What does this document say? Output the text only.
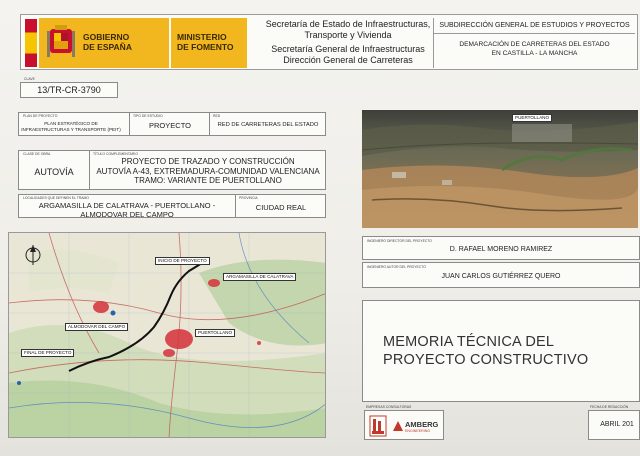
GOBIERNO
DE ESPAÑA
MINISTERIO
DE FOMENTO
Secretaría de Estado de Infraestructuras,
Transporte y Vivienda
Secretaría General de Infraestructuras
Dirección General de Carreteras
SUBDIRECCIÓN GENERAL DE ESTUDIOS Y PROYECTOS
DEMARCACIÓN DE CARRETERAS DEL ESTADO
EN CASTILLA - LA MANCHA
CLAVE
13/TR-CR-3790
PLAN DE PROYECTO
PLAN ESTRATÉGICO DE INFRAESTRUCTURAS Y TRANSPORTE (PEIT)
TIPO DE ESTUDIO
PROYECTO
RED
RED DE CARRETERAS DEL ESTADO
CLASE DE OBRA
AUTOVÍA
TÍTULO COMPLEMENTARIO
PROYECTO DE TRAZADO Y CONSTRUCCIÓN
AUTOVÍA A-43, EXTREMADURA-COMUNIDAD VALENCIANA
TRAMO: VARIANTE DE PUERTOLLANO
LOCALIDADES QUE DEFINEN EL TRAMO
ARGAMASILLA DE CALATRAVA - PUERTOLLANO -
ALMODOVAR DEL CAMPO
PROVINCIA
CIUDAD REAL
PUERTOLLANO
INGENIERO DIRECTOR DEL PROYECTO
D. RAFAEL MORENO RAMIREZ
INGENIERO AUTOR DEL PROYECTO
JUAN CARLOS GUTIÉRREZ QUERO
MEMORIA TÉCNICA DEL
PROYECTO CONSTRUCTIVO
EMPRESAS CONSULTORAS
AMBERG
ENGINEERING
FECHA DE REDACCIÓN
ABRIL 201
INICIO DE PROYECTO
ARGAMASILLA DE CALATRAVA
ALMODOVAR DEL CAMPO
PUERTOLLANO
FINAL DE PROYECTO
